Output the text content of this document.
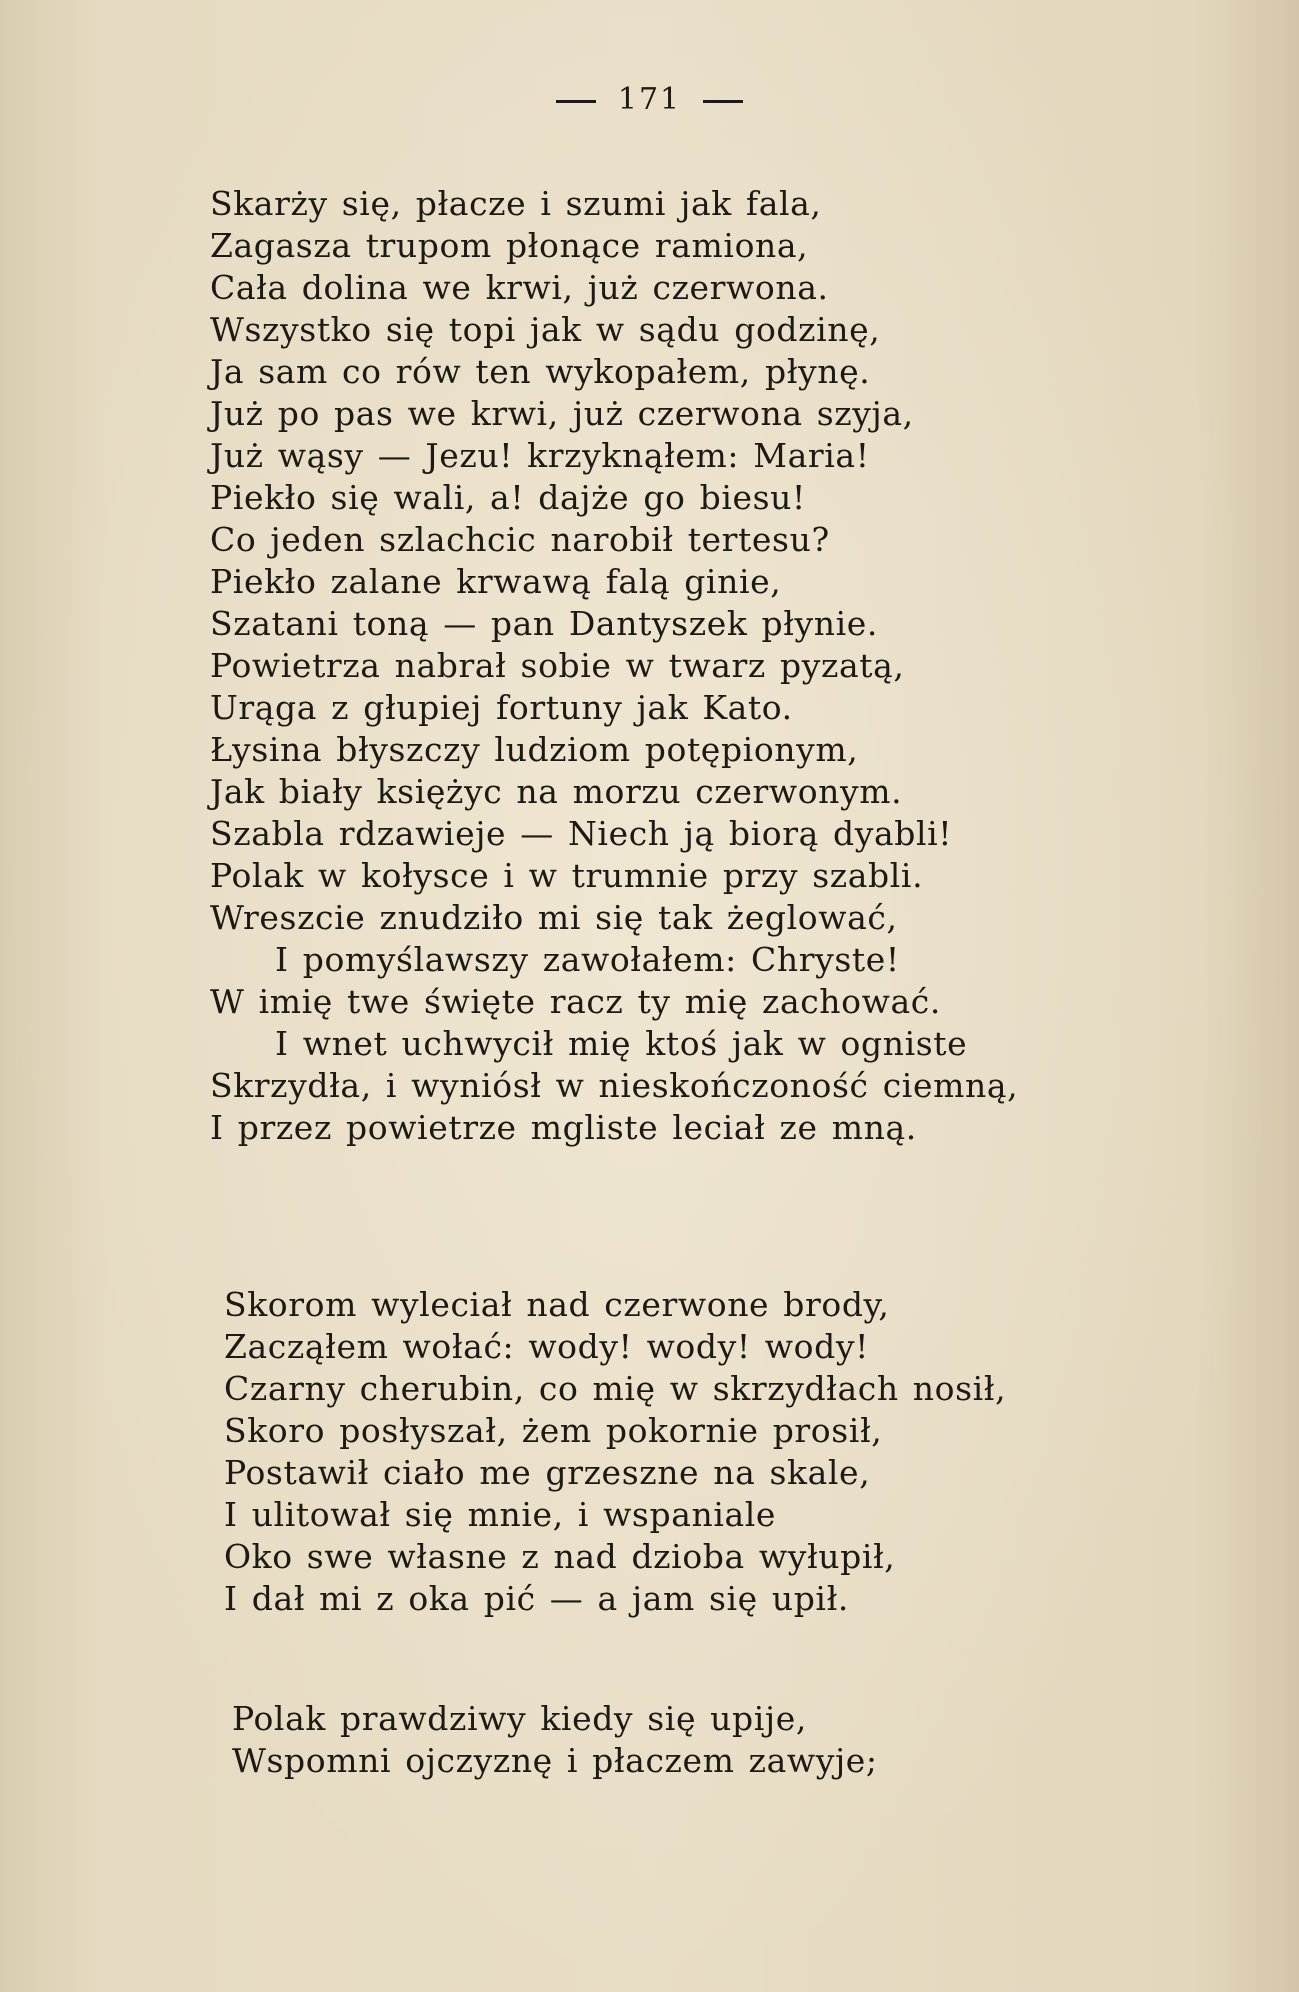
171
Skarży się, płacze i szumi jak fala,
Zagasza trupom płonące ramiona,
Cała dolina we krwi, już czerwona.
Wszystko się topi jak w sądu godzinę,
Ja sam co rów ten wykopałem, płynę.
Już po pas we krwi, już czerwona szyja,
Już wąsy — Jezu! krzyknąłem: Maria!
Piekło się wali, a! dajże go biesu!
Co jeden szlachcic narobił tertesu?
Piekło zalane krwawą falą ginie,
Szatani toną — pan Dantyszek płynie.
Powietrza nabrał sobie w twarz pyzatą,
Urąga z głupiej fortuny jak Kato.
Łysina błyszczy ludziom potępionym,
Jak biały księżyc na morzu czerwonym.
Szabla rdzawieje — Niech ją biorą dyabli!
Polak w kołysce i w trumnie przy szabli.
Wreszcie znudziło mi się tak żeglować,
I pomyślawszy zawołałem: Chryste!
W imię twe święte racz ty mię zachować.
I wnet uchwycił mię ktoś jak w ogniste
Skrzydła, i wyniósł w nieskończoność ciemną,
I przez powietrze mgliste leciał ze mną.
Skorom wyleciał nad czerwone brody,
Zacząłem wołać: wody! wody! wody!
Czarny cherubin, co mię w skrzydłach nosił,
Skoro posłyszał, żem pokornie prosił,
Postawił ciało me grzeszne na skale,
I ulitował się mnie, i wspaniale
Oko swe własne z nad dzioba wyłupił,
I dał mi z oka pić — a jam się upił.
Polak prawdziwy kiedy się upije,
Wspomni ojczyznę i płaczem zawyje;
